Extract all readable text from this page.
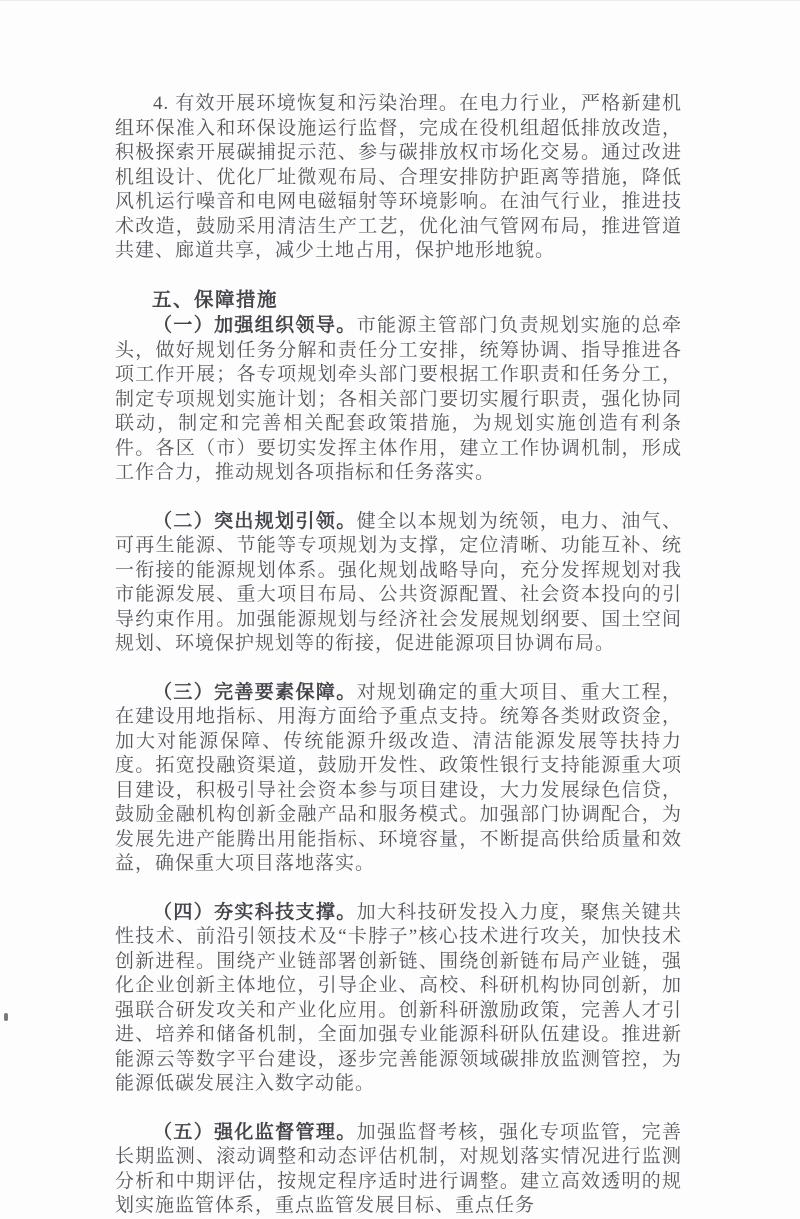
4. 有效开展环境恢复和污染治理。在电力行业，严格新建机组环保准入和环保设施运行监督，完成在役机组超低排放改造，积极探索开展碳捕捉示范、参与碳排放权市场化交易。通过改进机组设计、优化厂址微观布局、合理安排防护距离等措施，降低风机运行噪音和电网电磁辐射等环境影响。在油气行业，推进技术改造，鼓励采用清洁生产工艺，优化油气管网布局，推进管道共建、廊道共享，减少土地占用，保护地形地貌。

五、保障措施

（一）加强组织领导。市能源主管部门负责规划实施的总牵头，做好规划任务分解和责任分工安排，统筹协调、指导推进各项工作开展；各专项规划牵头部门要根据工作职责和任务分工，制定专项规划实施计划；各相关部门要切实履行职责，强化协同联动，制定和完善相关配套政策措施，为规划实施创造有利条件。各区（市）要切实发挥主体作用，建立工作协调机制，形成工作合力，推动规划各项指标和任务落实。

（二）突出规划引领。健全以本规划为统领，电力、油气、可再生能源、节能等专项规划为支撑，定位清晰、功能互补、统一衔接的能源规划体系。强化规划战略导向，充分发挥规划对我市能源发展、重大项目布局、公共资源配置、社会资本投向的引导约束作用。加强能源规划与经济社会发展规划纲要、国土空间规划、环境保护规划等的衔接，促进能源项目协调布局。

（三）完善要素保障。对规划确定的重大项目、重大工程，在建设用地指标、用海方面给予重点支持。统筹各类财政资金，加大对能源保障、传统能源升级改造、清洁能源发展等扶持力度。拓宽投融资渠道，鼓励开发性、政策性银行支持能源重大项目建设，积极引导社会资本参与项目建设，大力发展绿色信贷，鼓励金融机构创新金融产品和服务模式。加强部门协调配合，为发展先进产能腾出用能指标、环境容量，不断提高供给质量和效益，确保重大项目落地落实。

（四）夯实科技支撑。加大科技研发投入力度，聚焦关键共性技术、前沿引领技术及“卡脖子”核心技术进行攻关，加快技术创新进程。围绕产业链部署创新链、围绕创新链布局产业链，强化企业创新主体地位，引导企业、高校、科研机构协同创新，加强联合研发攻关和产业化应用。创新科研激励政策，完善人才引进、培养和储备机制，全面加强专业能源科研队伍建设。推进新能源云等数字平台建设，逐步完善能源领域碳排放监测管控，为能源低碳发展注入数字动能。

（五）强化监督管理。加强监督考核，强化专项监管，完善长期监测、滚动调整和动态评估机制，对规划落实情况进行监测分析和中期评估，按规定程序适时进行调整。建立高效透明的规划实施监管体系，重点监管发展目标、重点任务
